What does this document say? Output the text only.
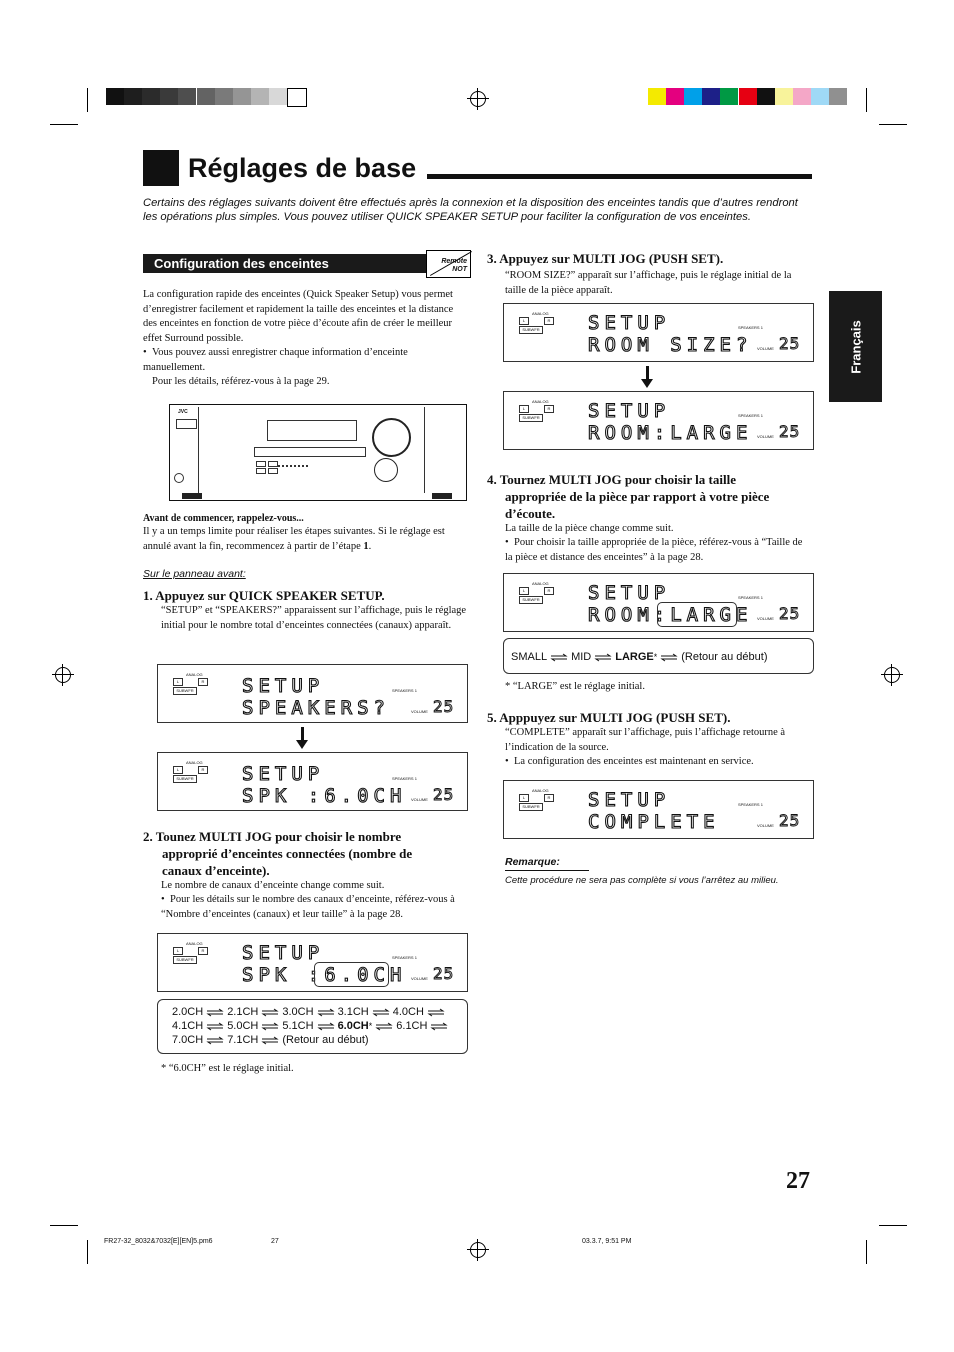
Réglages de base
Certains des réglages suivants doivent être effectués après la connexion et la disposition des enceintes tandis que d’autres rendront les opérations plus simples. Vous pouvez utiliser QUICK SPEAKER SETUP pour faciliter la configuration de vos enceintes.
Français
Configuration des enceintes	Remote NOT
La configuration rapide des enceintes (Quick Speaker Setup) vous permet d’enregistrer facilement et rapidement la taille des enceintes et la distance des enceintes en fonction de votre pièce d’écoute afin de créer le meilleur effet Surround possible.
• Vous pouvez aussi enregistrer chaque information d’enceinte manuellement.
Pour les détails, référez-vous à la page 29.
JVC
Avant de commencer, rappelez-vous...
Il y a un temps limite pour réaliser les étapes suivantes. Si le réglage est annulé avant la fin, recommencez à partir de l’étape 1.
Sur le panneau avant:
1. Appuyez sur QUICK SPEAKER SETUP.
“SETUP” et “SPEAKERS?” apparaissent sur l’affichage, puis le réglage initial pour le nombre total d’enceintes connectées (canaux) apparaît.
ANALOG
L	R
SUBWFR	SETUP
SPEAKERS?
SPEAKERS 1
VOLUME 25
ANALOG
L	R
SUBWFR	SETUP
SPK :6.0CH
SPEAKERS 1
VOLUME 25
2. Tounez MULTI JOG pour choisir le nombre
approprié d’enceintes connectées (nombre de
canaux d’enceinte).
Le nombre de canaux d’enceinte change comme suit.
• Pour les détails sur le nombre des canaux d’enceinte, référez-vous à “Nombre d’enceintes (canaux) et leur taille” à la page 28.
ANALOG
L	R
SUBWFR	SETUP
SPK :6.0CH
SPEAKERS 1
VOLUME 25
2.0CH 2.1CH 3.0CH 3.1CH 4.0CH
4.1CH 5.0CH 5.1CH 6.0CH* 6.1CH
7.0CH 7.1CH (Retour au début)
* “6.0CH” est le réglage initial.
3. Appuyez sur MULTI JOG (PUSH SET).
“ROOM SIZE?” apparaît sur l’affichage, puis le réglage initial de la taille de la pièce apparaît.
ANALOG
L	R
SUBWFR	SETUP
ROOM SIZE?
SPEAKERS 1
VOLUME 25
ANALOG
L	R
SUBWFR	SETUP
ROOM:LARGE
SPEAKERS 1
VOLUME 25
4. Tournez MULTI JOG pour choisir la taille
appropriée de la pièce par rapport à votre pièce
d’écoute.
La taille de la pièce change comme suit.
• Pour choisir la taille appropriée de la pièce, référez-vous à “Taille de la pièce et distance des enceintes” à la page 28.
ANALOG
L	R
SUBWFR	SETUP
ROOM:LARGE
SPEAKERS 1
VOLUME 25
SMALL MID LARGE* (Retour au début)
* “LARGE” est le réglage initial.
5. Apppuyez sur MULTI JOG (PUSH SET).
“COMPLETE” apparaît sur l’affichage, puis l’affichage retourne à l’indication de la source.
• La configuration des enceintes est maintenant en service.
ANALOG
L	R
SUBWFR	SETUP
COMPLETE
SPEAKERS 1
VOLUME 25
Remarque:
Cette procédure ne sera pas complète si vous l’arrêtez au milieu.
27
FR27-32_8032&7032[E][EN]5.pm6	27	03.3.7, 9:51 PM
